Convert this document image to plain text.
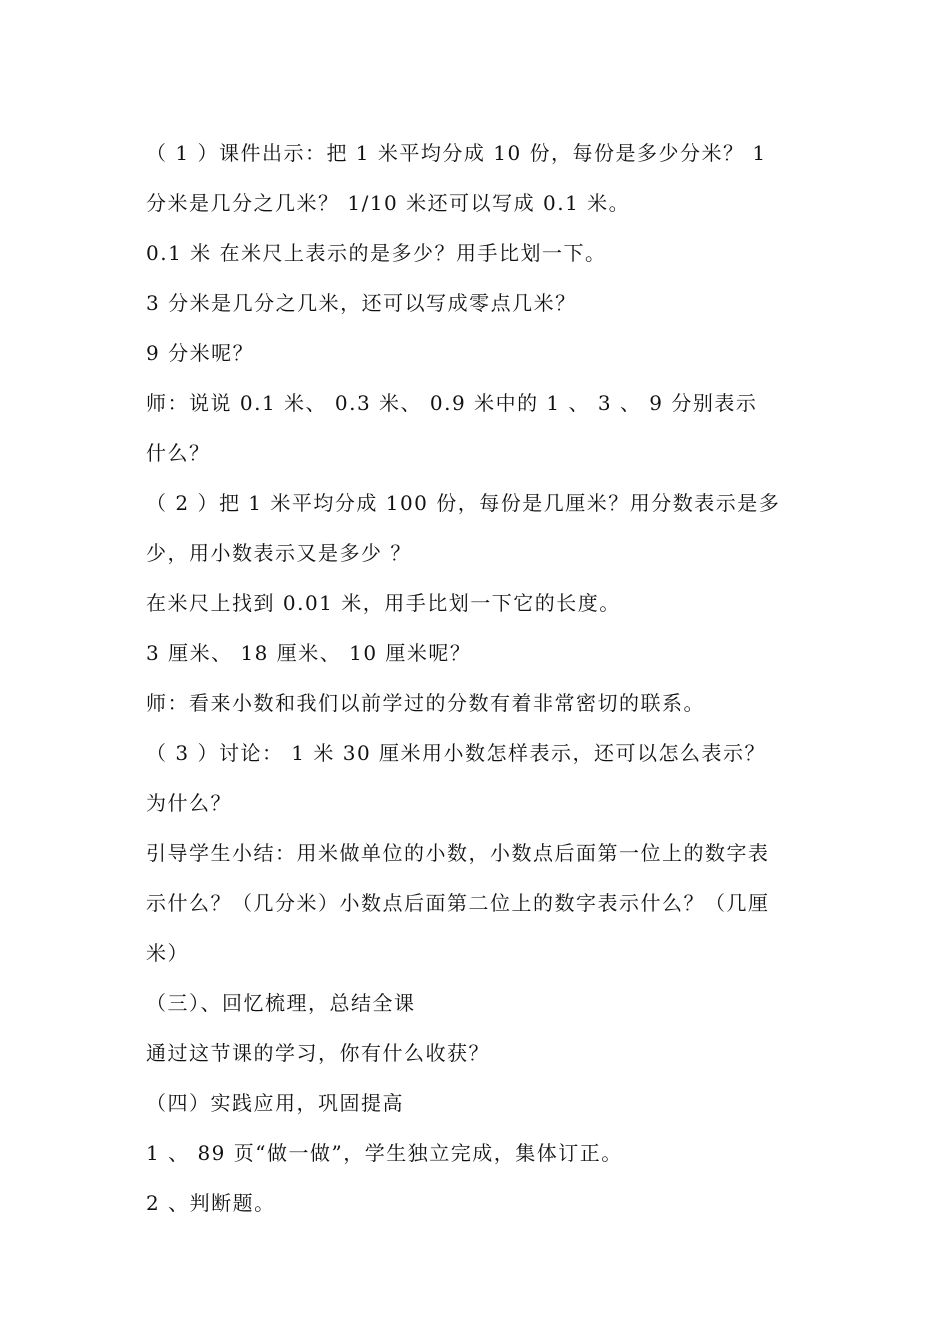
（ 1 ）课件出示：把 1 米平均分成 10 份，每份是多少分米？ 1
分米是几分之几米？ 1/10 米还可以写成 0.1 米。
0.1 米 在米尺上表示的是多少？用手比划一下。
3 分米是几分之几米，还可以写成零点几米？
9 分米呢？
师：说说 0.1 米、 0.3 米、 0.9 米中的 1 、 3 、 9 分别表示
什么？
（ 2 ）把 1 米平均分成 100 份，每份是几厘米？用分数表示是多
少，用小数表示又是多少 ？
在米尺上找到 0.01 米，用手比划一下它的长度。
3 厘米、 18 厘米、 10 厘米呢？
师：看来小数和我们以前学过的分数有着非常密切的联系。
（ 3 ）讨论： 1 米 30 厘米用小数怎样表示，还可以怎么表示？
为什么？
引导学生小结：用米做单位的小数，小数点后面第一位上的数字表
示什么？（几分米）小数点后面第二位上的数字表示什么？（几厘
米）
（三）、回忆梳理，总结全课
通过这节课的学习，你有什么收获？
（四）实践应用，巩固提高
1 、 89 页“做一做”，学生独立完成，集体订正。
2 、判断题。
